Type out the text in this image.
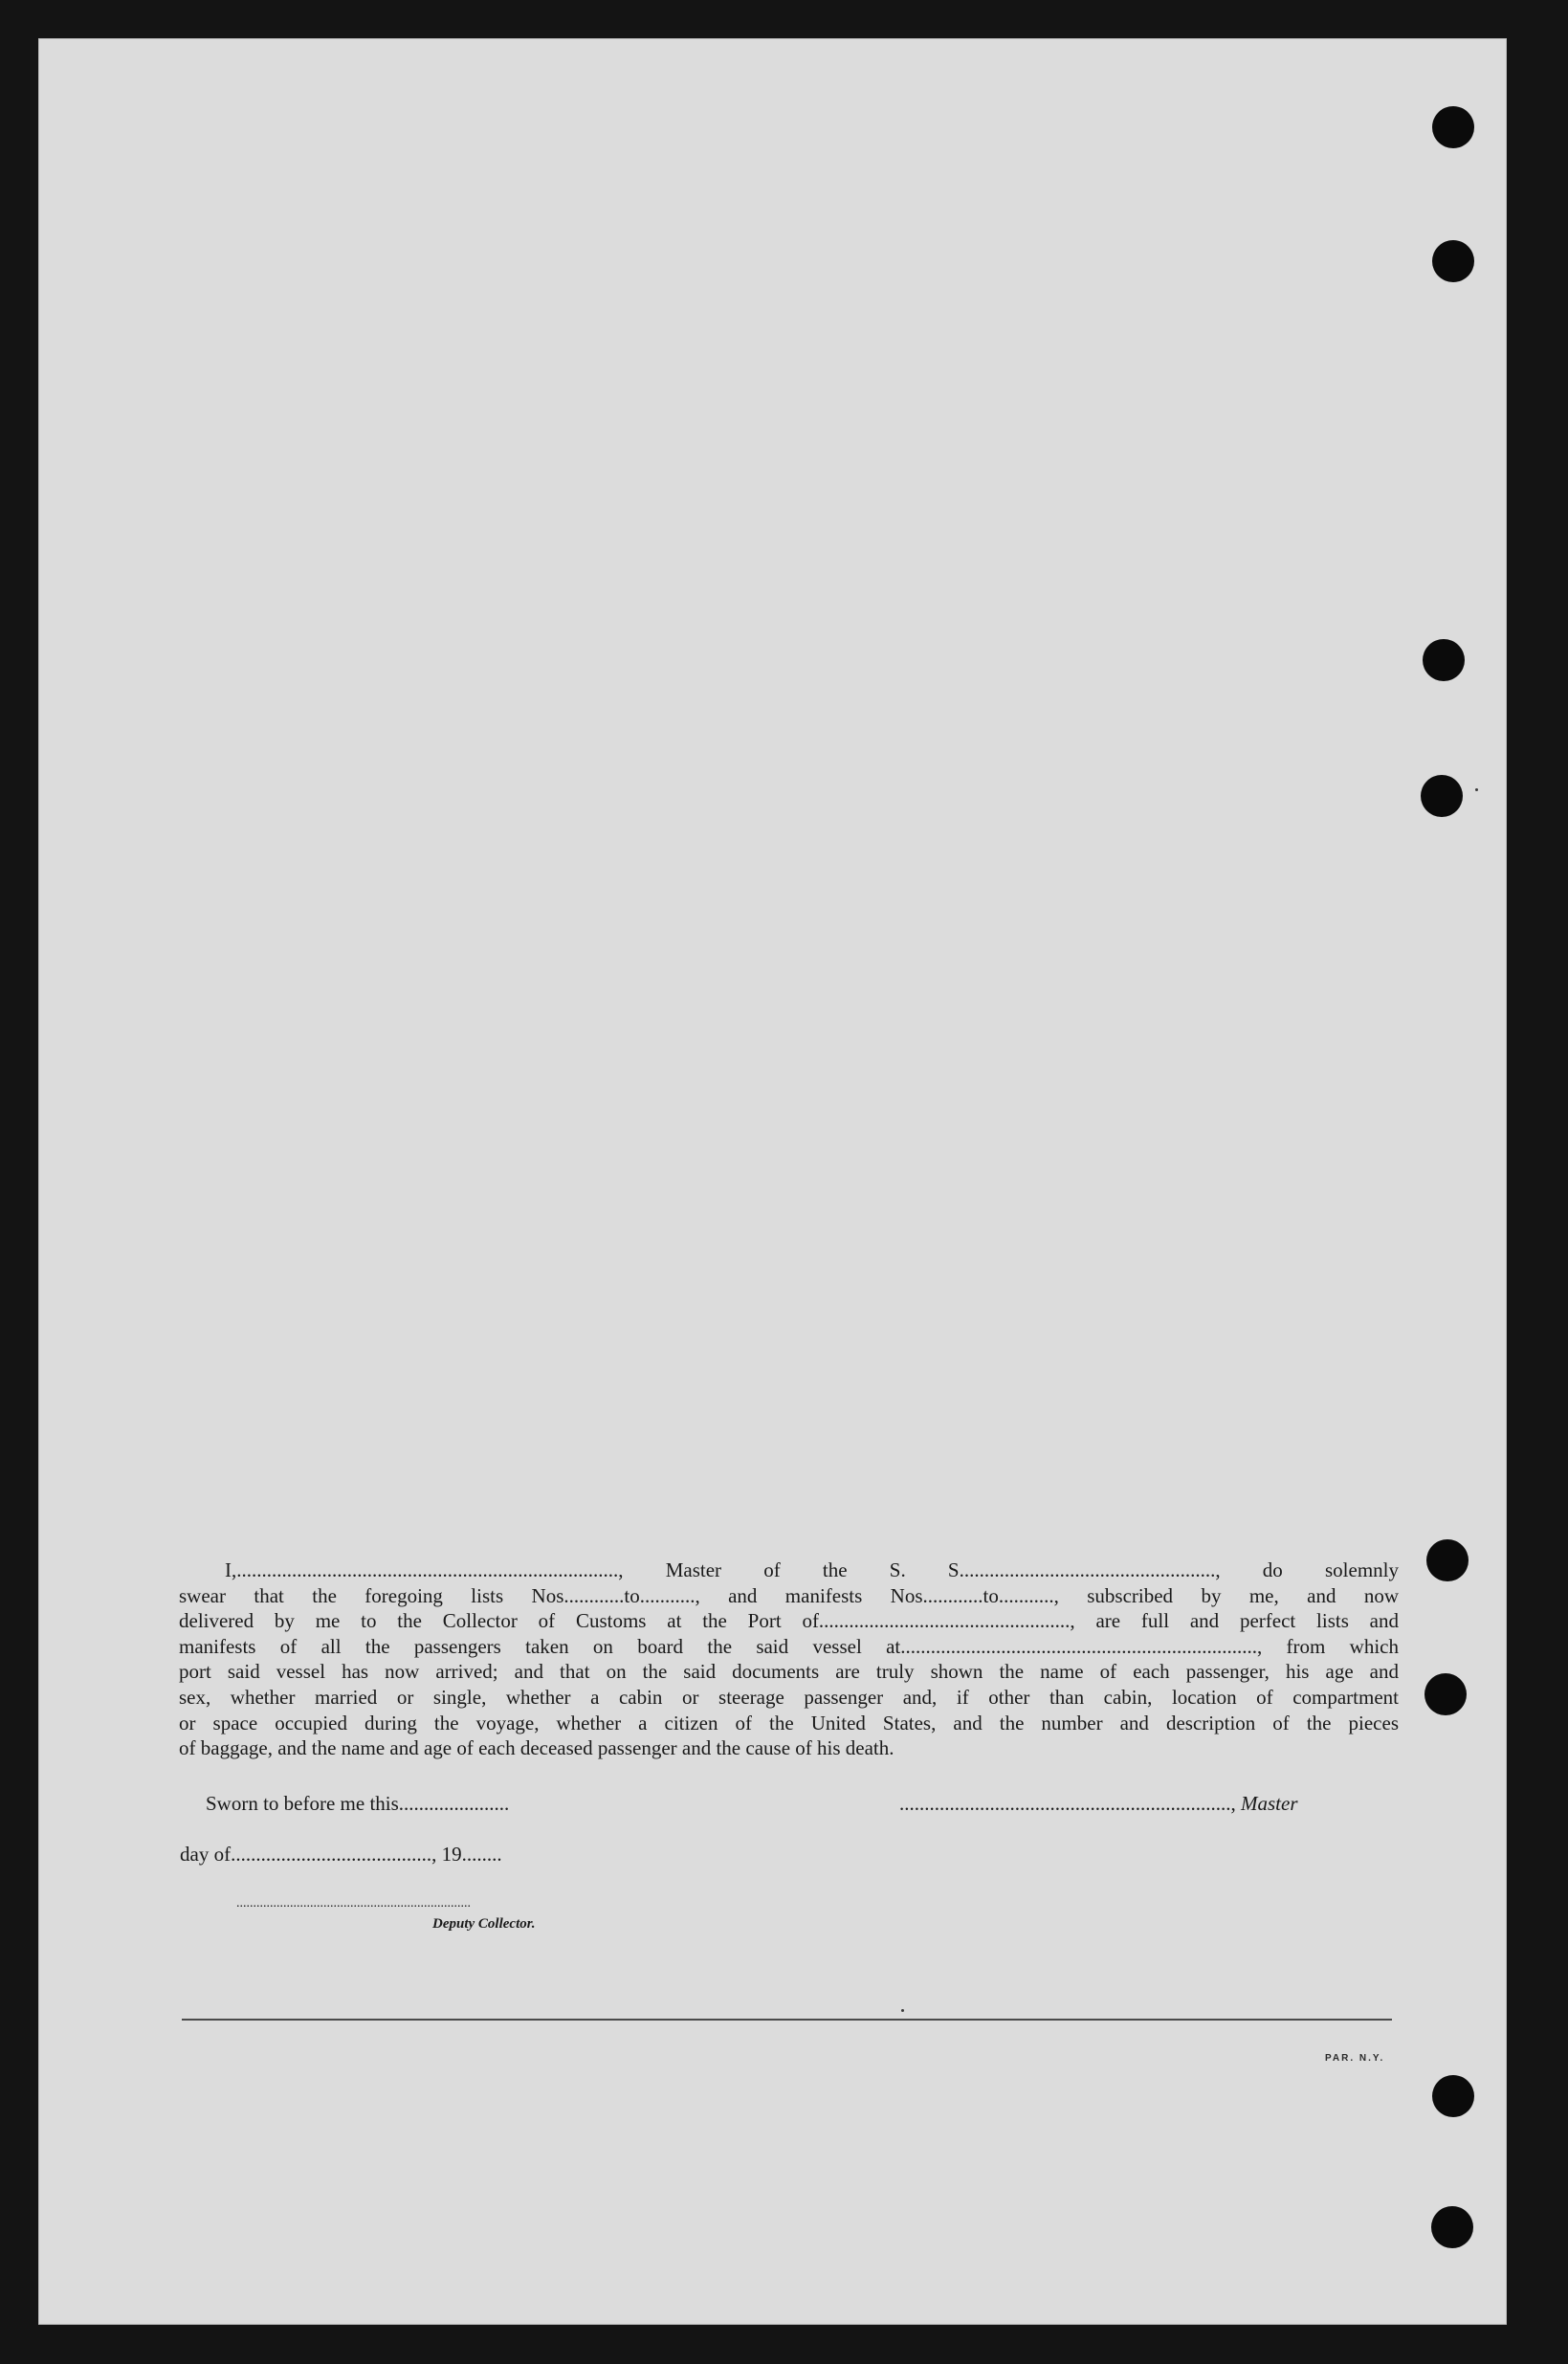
I,............................................................................, Master of the S. S..................................................., do solemnly
swear that the foregoing lists Nos............to..........., and manifests Nos............to..........., subscribed by me, and now
delivered by me to the Collector of Customs at the Port of.................................................., are full and perfect lists and
manifests of all the passengers taken on board the said vessel at......................................................................., from which
port said vessel has now arrived; and that on the said documents are truly shown the name of each passenger, his age and
sex, whether married or single, whether a cabin or steerage passenger and, if other than cabin, location of compartment
or space occupied during the voyage, whether a citizen of the United States, and the number and description of the pieces
of baggage, and the name and age of each deceased passenger and the cause of his death.
Sworn to before me this......................	.................................................................., Master
day of........................................, 19........
......................................................................
Deputy Collector.
PAR. N.Y.
